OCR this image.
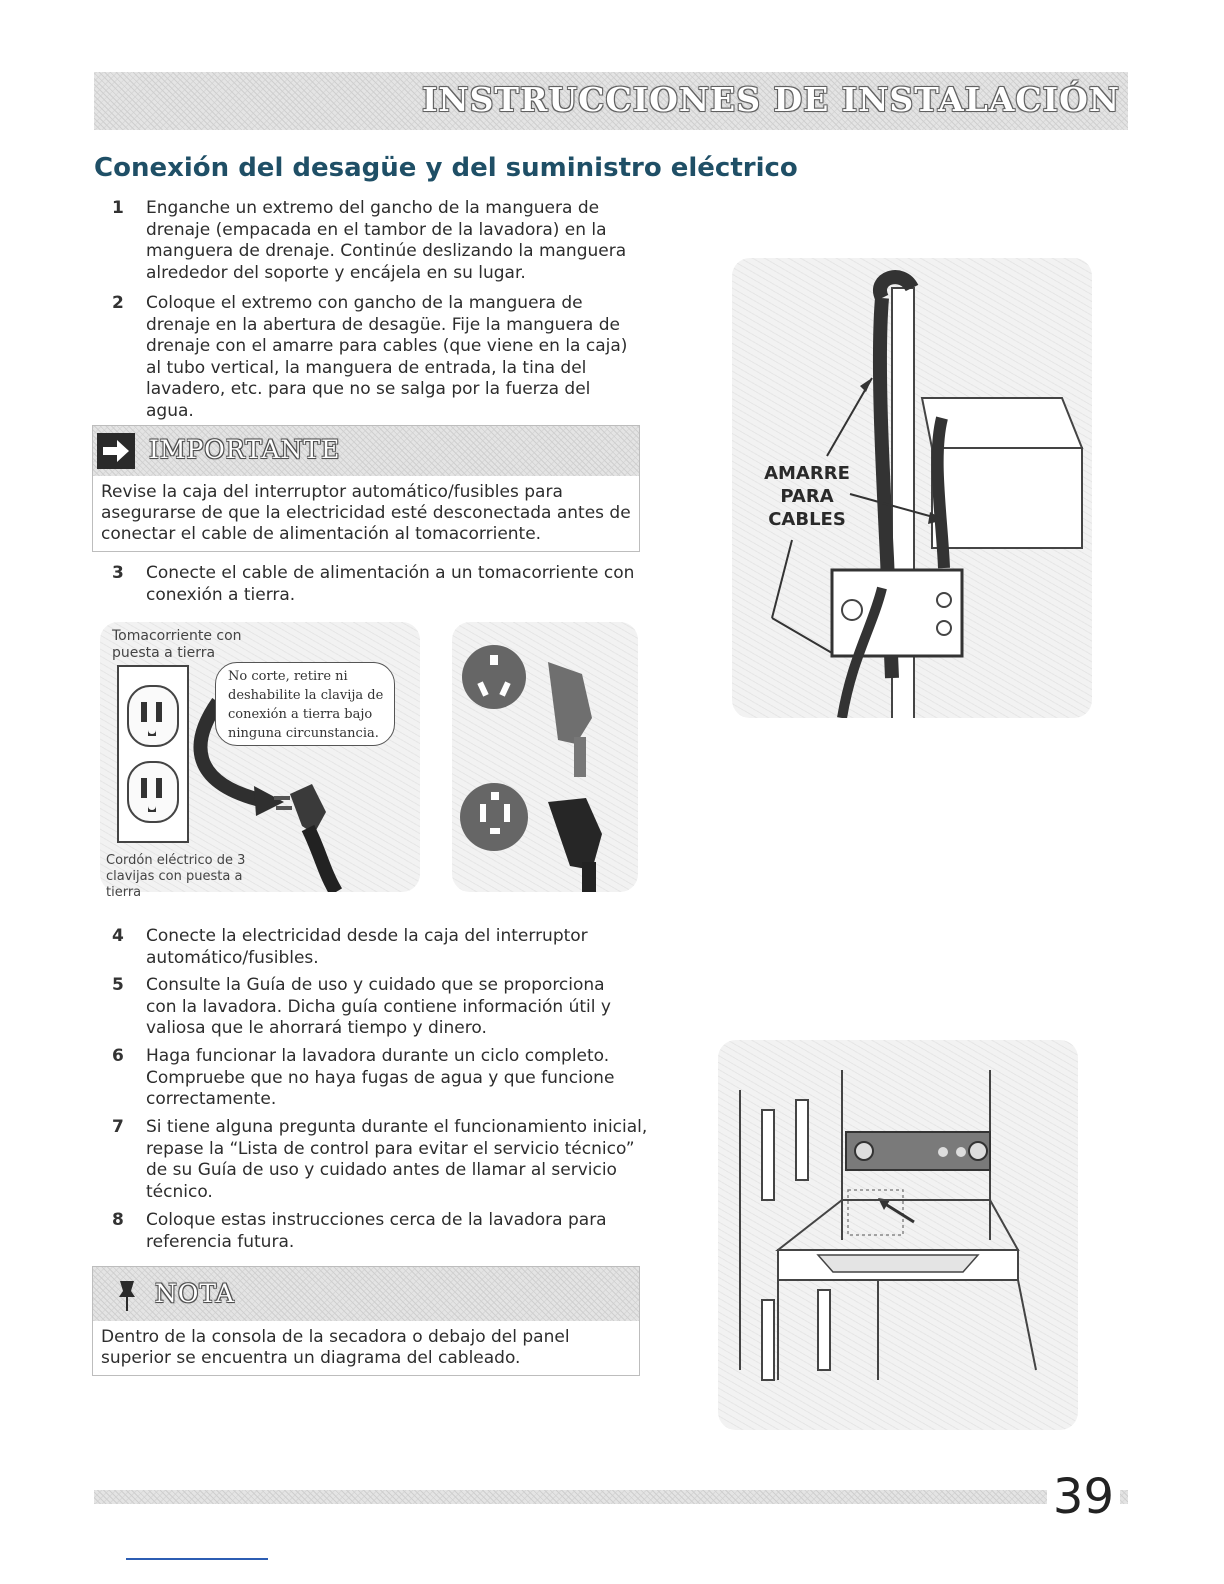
INSTRUCCIONES DE INSTALACIÓN
Conexión del desagüe y del suministro eléctrico
1	Enganche un extremo del gancho de la manguera de drenaje (empacada en el tambor de la lavadora) en la manguera de drenaje. Continúe deslizando la manguera alrededor del soporte y encájela en su lugar.
2	Coloque el extremo con gancho de la manguera de drenaje en la abertura de desagüe. Fije la manguera de drenaje con el amarre para cables (que viene en la caja) al tubo vertical, la manguera de entrada, la tina del lavadero, etc. para que no se salga por la fuerza del agua.
IMPORTANTE
Revise la caja del interruptor automático/fusibles para asegurarse de que la electricidad esté desconectada antes de conectar el cable de alimentación al tomacorriente.
3	Conecte el cable de alimentación a un tomacorriente con conexión a tierra.
Tomacorriente con puesta a tierra
No corte, retire ni deshabilite la clavija de conexión a tierra bajo ninguna circunstancia.
Cordón eléctrico de 3 clavijas con puesta a tierra
4	Conecte la electricidad desde la caja del interruptor automático/fusibles.
5	Consulte la Guía de uso y cuidado que se proporciona con la lavadora. Dicha guía contiene información útil y valiosa que le ahorrará tiempo y dinero.
6	Haga funcionar la lavadora durante un ciclo completo. Compruebe que no haya fugas de agua y que funcione correctamente.
7	Si tiene alguna pregunta durante el funcionamiento inicial, repase la “Lista de control para evitar el servicio técnico” de su Guía de uso y cuidado antes de llamar al servicio técnico.
8	Coloque estas instrucciones cerca de la lavadora para referencia futura.
NOTA
Dentro de la consola de la secadora o debajo del panel superior se encuentra un diagrama del cableado.
AMARRE PARA CABLES
39
